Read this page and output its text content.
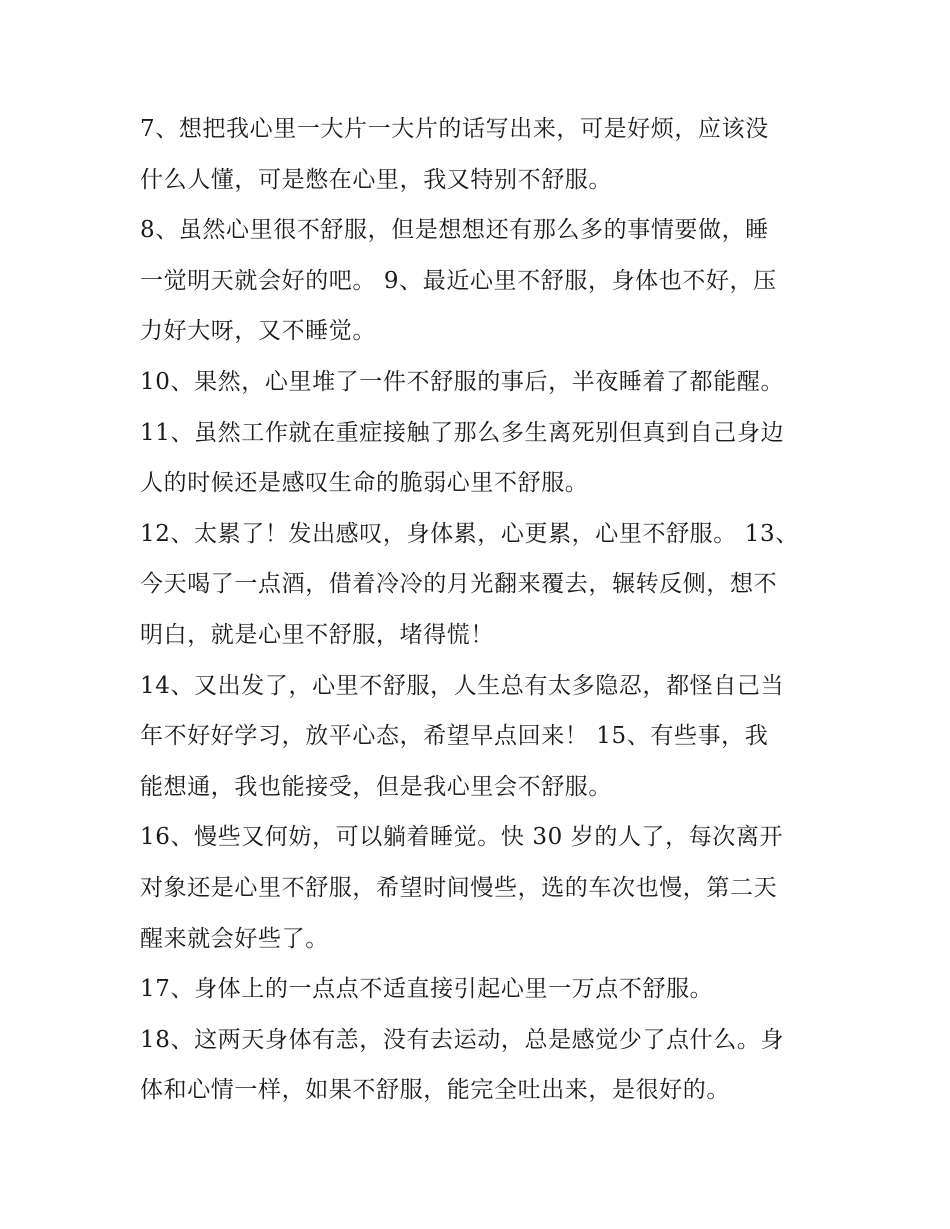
7、想把我心里一大片一大片的话写出来，可是好烦，应该没
什么人懂，可是憋在心里，我又特别不舒服。
8、虽然心里很不舒服，但是想想还有那么多的事情要做，睡
一觉明天就会好的吧。 9、最近心里不舒服，身体也不好，压
力好大呀，又不睡觉。
10、果然，心里堆了一件不舒服的事后，半夜睡着了都能醒。
11、虽然工作就在重症接触了那么多生离死别但真到自己身边
人的时候还是感叹生命的脆弱心里不舒服。
12、太累了！发出感叹，身体累，心更累，心里不舒服。 13、
今天喝了一点酒，借着冷冷的月光翻来覆去，辗转反侧，想不
明白，就是心里不舒服，堵得慌！
14、又出发了，心里不舒服，人生总有太多隐忍，都怪自己当
年不好好学习，放平心态，希望早点回来！ 15、有些事，我
能想通，我也能接受，但是我心里会不舒服。
16、慢些又何妨，可以躺着睡觉。快 30 岁的人了，每次离开
对象还是心里不舒服，希望时间慢些，选的车次也慢，第二天
醒来就会好些了。
17、身体上的一点点不适直接引起心里一万点不舒服。
18、这两天身体有恙，没有去运动，总是感觉少了点什么。身
体和心情一样，如果不舒服，能完全吐出来，是很好的。
